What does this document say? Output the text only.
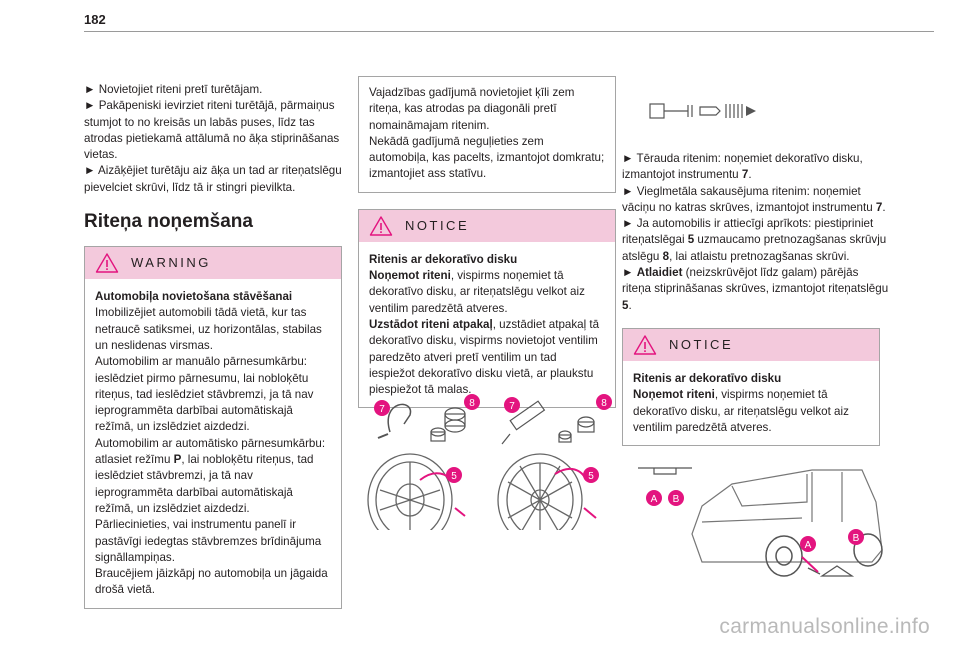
182

► Novietojiet riteni pretī turētājam.

► Pakāpeniski ievirziet riteni turētājā, pārmaiņus stumjot to no kreisās un labās puses, līdz tas atrodas pietiekamā attālumā no āķa stiprināšanas vietas.

► Aizāķējiet turētāju aiz āķa un tad ar riteņatslēgu pievelciet skrūvi, līdz tā ir stingri pievilkta.

Riteņa noņemšana

WARNING

Automobiļa novietošana stāvēšanai

Imobilizējiet automobili tādā vietā, kur tas netraucē satiksmei, uz horizontālas, stabilas un neslidenas virsmas.

Automobilim ar manuālo pārnesumkārbu: ieslēdziet pirmo pārnesumu, lai nobloķētu riteņus, tad ieslēdziet stāvbremzi, ja tā nav ieprogrammēta darbībai automātiskajā režīmā, un izslēdziet aizdedzi.

Automobilim ar automātisko pārnesumkārbu: atlasiet režīmu P, lai nobloķētu riteņus, tad ieslēdziet stāvbremzi, ja tā nav ieprogrammēta darbībai automātiskajā režīmā, un izslēdziet aizdedzi.

Pārliecinieties, vai instrumentu panelī ir pastāvīgi iedegtas stāvbremzes brīdinājuma signāllampiņas.

Braucējiem jāizkāpj no automobiļa un jāgaida drošā vietā.

Vajadzības gadījumā novietojiet ķīli zem riteņa, kas atrodas pa diagonāli pretī nomaināmajam ritenim.

Nekādā gadījumā neguļieties zem automobiļa, kas pacelts, izmantojot domkratu; izmantojiet ass statīvu.

NOTICE

Ritenis ar dekoratīvo disku

Noņemot riteni, vispirms noņemiet tā dekoratīvo disku, ar riteņatslēgu velkot aiz ventilim paredzētā atveres.

Uzstādot riteni atpakaļ, uzstādiet atpakaļ tā dekoratīvo disku, vispirms novietojot ventilim paredzēto atveri pretī ventilim un tad iespiežot dekoratīvo disku vietā, ar plaukstu piespiežot tā malas.

7
8
5
7	8
5

► Tērauda ritenim: noņemiet dekoratīvo disku, izmantojot instrumentu 7.

► Vieglmetāla sakausējuma ritenim: noņemiet vāciņu no katras skrūves, izmantojot instrumentu 7.

► Ja automobilis ir attiecīgi aprīkots: piestipriniet riteņatslēgai 5 uzmaucamo pretnozagšanas skrūvju atslēgu 8, lai atlaistu pretnozagšanas skrūvi.

► Atlaidiet (neizskrūvējot līdz galam) pārējās riteņa stiprināšanas skrūves, izmantojot riteņatslēgu 5.

NOTICE

Ritenis ar dekoratīvo disku

Noņemot riteni, vispirms noņemiet tā dekoratīvo disku, ar riteņatslēgu velkot aiz ventilim paredzētā atveres.

A B
A
B
carmanualsonline.info
